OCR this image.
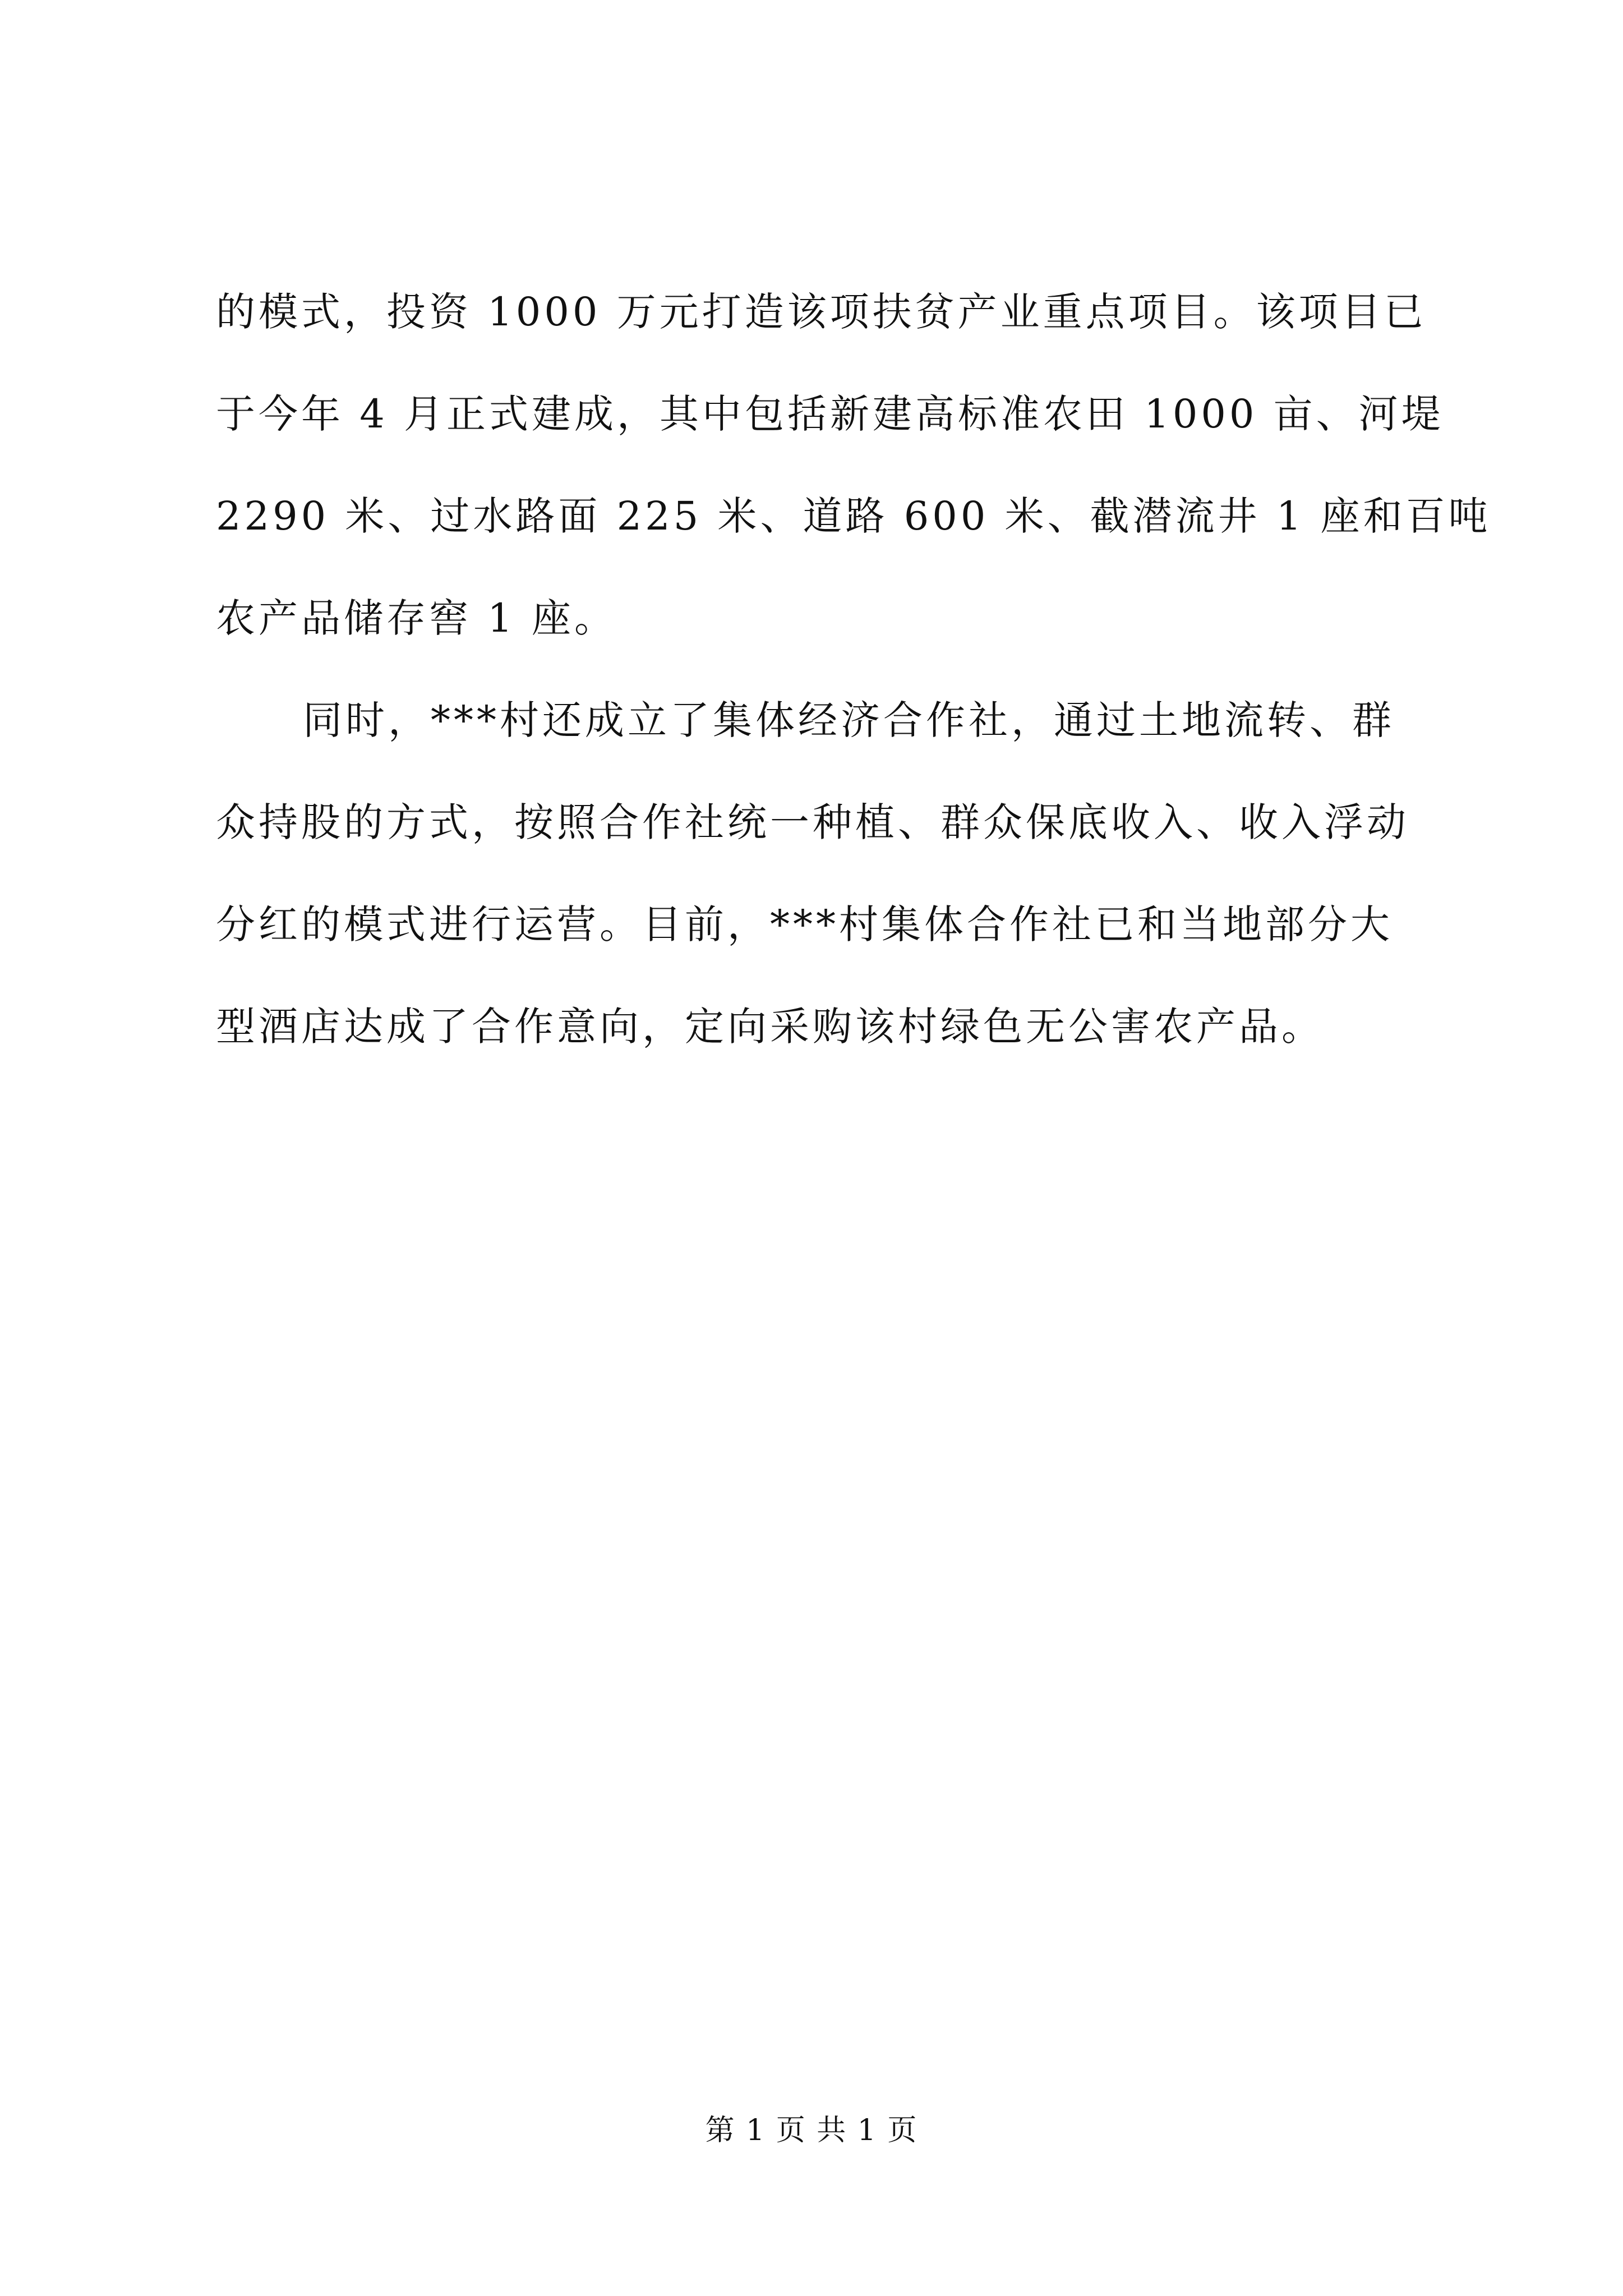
的模式，投资 1000 万元打造该项扶贫产业重点项目。该项目已
于今年 4 月正式建成，其中包括新建高标准农田 1000 亩、河堤
2290 米、过水路面 225 米、道路 600 米、截潜流井 1 座和百吨
农产品储存窖 1 座。
同时，***村还成立了集体经济合作社，通过土地流转、群
众持股的方式，按照合作社统一种植、群众保底收入、收入浮动
分红的模式进行运营。目前，***村集体合作社已和当地部分大
型酒店达成了合作意向，定向采购该村绿色无公害农产品。
第 1 页 共 1 页
